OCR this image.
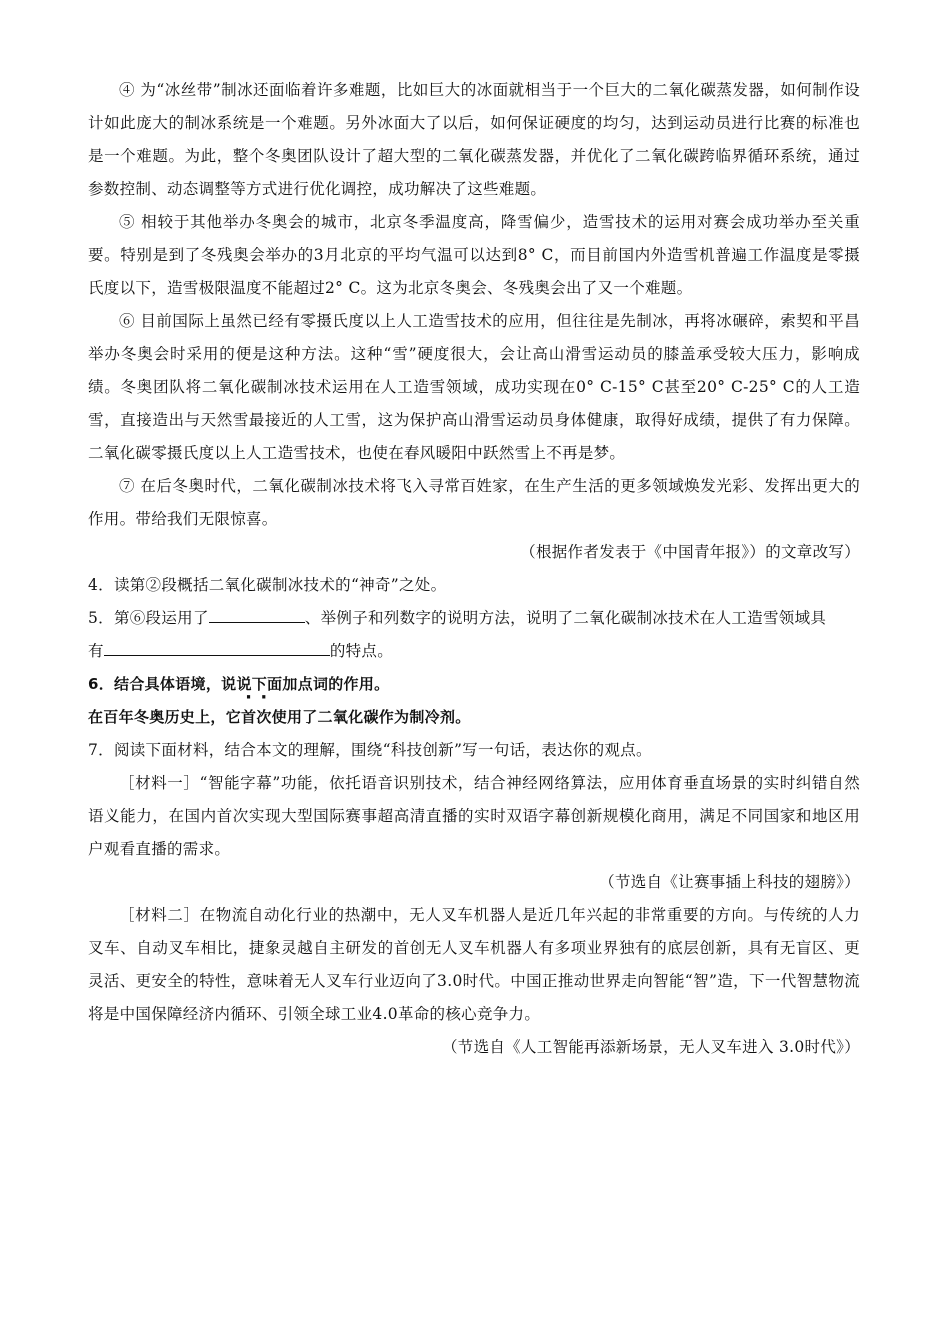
④ 为“冰丝带”制冰还面临着许多难题，比如巨大的冰面就相当于一个巨大的二氧化碳蒸发器，如何制作设计如此庞大的制冰系统是一个难题。另外冰面大了以后，如何保证硬度的均匀，达到运动员进行比赛的标准也是一个难题。为此，整个冬奥团队设计了超大型的二氧化碳蒸发器，并优化了二氧化碳跨临界循环系统，通过参数控制、动态调整等方式进行优化调控，成功解决了这些难题。

⑤ 相较于其他举办冬奥会的城市，北京冬季温度高，降雪偏少，造雪技术的运用对赛会成功举办至关重要。特别是到了冬残奥会举办的3月北京的平均气温可以达到8° C，而目前国内外造雪机普遍工作温度是零摄氏度以下，造雪极限温度不能超过2° C。这为北京冬奥会、冬残奥会出了又一个难题。

⑥ 目前国际上虽然已经有零摄氏度以上人工造雪技术的应用，但往往是先制冰，再将冰碾碎，索契和平昌举办冬奥会时采用的便是这种方法。这种“雪”硬度很大，会让高山滑雪运动员的膝盖承受较大压力，影响成绩。冬奥团队将二氧化碳制冰技术运用在人工造雪领域，成功实现在0° C-15° C甚至20° C-25° C的人工造雪，直接造出与天然雪最接近的人工雪，这为保护高山滑雪运动员身体健康，取得好成绩，提供了有力保障。二氧化碳零摄氏度以上人工造雪技术，也使在春风暖阳中跃然雪上不再是梦。

⑦ 在后冬奥时代，二氧化碳制冰技术将飞入寻常百姓家，在生产生活的更多领域焕发光彩、发挥出更大的作用。带给我们无限惊喜。

（根据作者发表于《中国青年报》）的文章改写）

4．读第②段概括二氧化碳制冰技术的“神奇”之处。

5．第⑥段运用了	、举例子和列数字的说明方法，说明了二氧化碳制冰技术在人工造雪领域具

有	的特点。

6．结合具体语境，说说下面加点词的作用。

在百年冬奥历史上，它首次使用了二氧化碳作为制冷剂。

7．阅读下面材料，结合本文的理解，围绕“科技创新”写一句话，表达你的观点。

［材料一］“智能字幕”功能，依托语音识别技术，结合神经网络算法，应用体育垂直场景的实时纠错自然语义能力，在国内首次实现大型国际赛事超高清直播的实时双语字幕创新规模化商用，满足不同国家和地区用户观看直播的需求。

（节选自《让赛事插上科技的翅膀》）

［材料二］在物流自动化行业的热潮中，无人叉车机器人是近几年兴起的非常重要的方向。与传统的人力叉车、自动叉车相比，捷象灵越自主研发的首创无人叉车机器人有多项业界独有的底层创新，具有无盲区、更灵活、更安全的特性，意味着无人叉车行业迈向了3.0时代。中国正推动世界走向智能“智”造，下一代智慧物流将是中国保障经济内循环、引领全球工业4.0革命的核心竞争力。

（节选自《人工智能再添新场景，无人叉车进入 3.0时代》）
